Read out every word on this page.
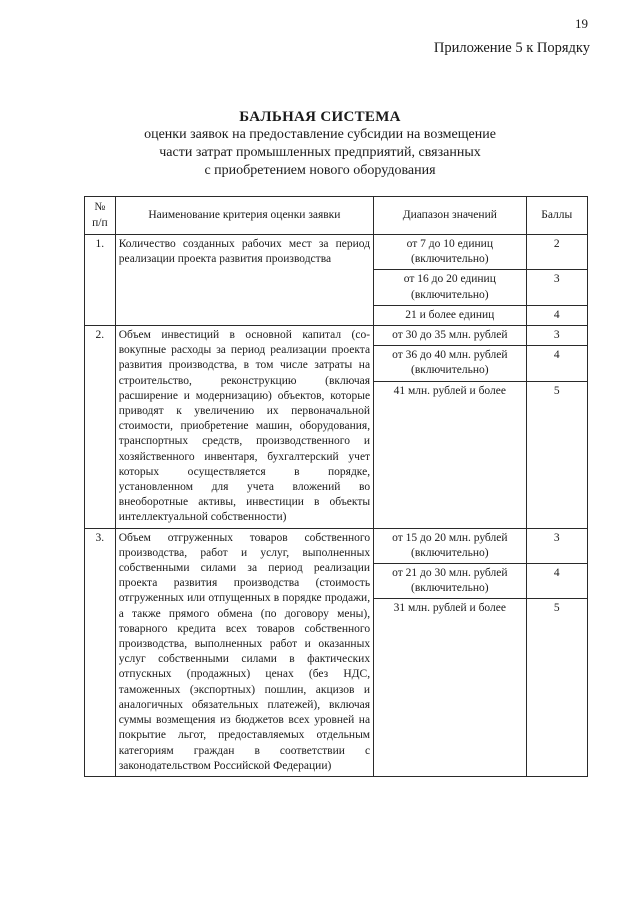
19
Приложение 5 к Порядку
БАЛЬНАЯ СИСТЕМА
оценки заявок на предоставление субсидии на возмещение
части затрат промышленных предприятий, связанных
с приобретением нового оборудования
№
п/п	Наименование критерия оценки заявки	Диапазон значений	Баллы
1.	Количество созданных рабочих мест за период реализации проекта развития производства	от 7 до 10 единиц (включительно)	2
		от 16 до 20 единиц (включительно)	3
		21 и более единиц	4
2.	Объем инвестиций в основной капитал (совокупные расходы за период реализации проекта развития производства, в том числе затраты на строительство, реконструкцию (включая расширение и модернизацию) объектов, которые приводят к увеличению их первоначальной стоимости, приобретение машин, оборудования, транспортных средств, производственного и хозяйственного инвентаря, бухгалтерский учет которых осуществляется в порядке, установленном для учета вложений во внеоборотные активы, инвестиции в объекты интеллектуальной собственности)	от 30 до 35 млн. рублей	3
		от 36 до 40 млн. рублей (включительно)	4
		41 млн. рублей и более	5
3.	Объем отгруженных товаров собственного производства, работ и услуг, выполненных собственными силами за период реализации проекта развития производства (стоимость отгруженных или отпущенных в порядке продажи, а также прямого обмена (по договору мены), товарного кредита всех товаров собственного производства, выполненных работ и оказанных услуг собственными силами в фактических отпускных (продажных) ценах (без НДС, таможенных (экспортных) пошлин, акцизов и аналогичных обязательных платежей), включая суммы возмещения из бюджетов всех уровней на покрытие льгот, предоставляемых отдельным категориям граждан в соответствии с законодательством Российской Федерации)	от 15 до 20 млн. рублей (включительно)	3
		от 21 до 30 млн. рублей (включительно)	4
		31 млн. рублей и более	5
